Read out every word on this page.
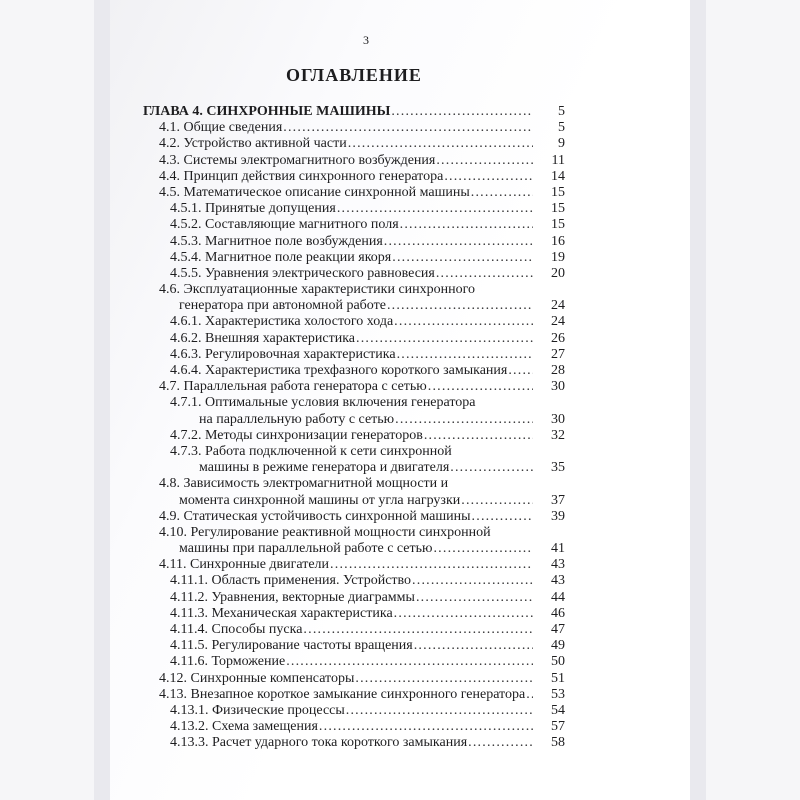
3
ОГЛАВЛЕНИЕ
ГЛАВА 4. СИНХРОННЫЕ МАШИНЫ .....	5
4.1. Общие сведения .....	5
4.2. Устройство активной части .....	9
4.3. Системы электромагнитного возбуждения .....	11
4.4. Принцип действия синхронного генератора .....	14
4.5. Математическое описание синхронной машины .....	15
4.5.1. Принятые допущения .....	15
4.5.2. Составляющие магнитного поля .....	15
4.5.3. Магнитное поле возбуждения .....	16
4.5.4. Магнитное поле реакции якоря .....	19
4.5.5. Уравнения электрического равновесия .....	20
4.6. Эксплуатационные характеристики синхронного
генератора при автономной работе .....	24
4.6.1. Характеристика холостого хода .....	24
4.6.2. Внешняя характеристика .....	26
4.6.3. Регулировочная характеристика .....	27
4.6.4. Характеристика трехфазного короткого замыкания .....	28
4.7. Параллельная работа генератора с сетью .....	30
4.7.1. Оптимальные условия включения генератора
на параллельную работу с сетью .....	30
4.7.2. Методы синхронизации генераторов .....	32
4.7.3. Работа подключенной к сети синхронной
машины в режиме генератора и двигателя .....	35
4.8. Зависимость электромагнитной мощности и
момента синхронной машины от угла нагрузки .....	37
4.9. Статическая устойчивость синхронной машины .....	39
4.10. Регулирование реактивной мощности синхронной
машины при параллельной работе с сетью .....	41
4.11. Синхронные двигатели .....	43
4.11.1. Область применения. Устройство .....	43
4.11.2. Уравнения, векторные диаграммы .....	44
4.11.3. Механическая характеристика .....	46
4.11.4. Способы пуска .....	47
4.11.5. Регулирование частоты вращения .....	49
4.11.6. Торможение .....	50
4.12. Синхронные компенсаторы .....	51
4.13. Внезапное короткое замыкание синхронного генератора .....	53
4.13.1. Физические процессы .....	54
4.13.2. Схема замещения .....	57
4.13.3. Расчет ударного тока короткого замыкания .....	58
